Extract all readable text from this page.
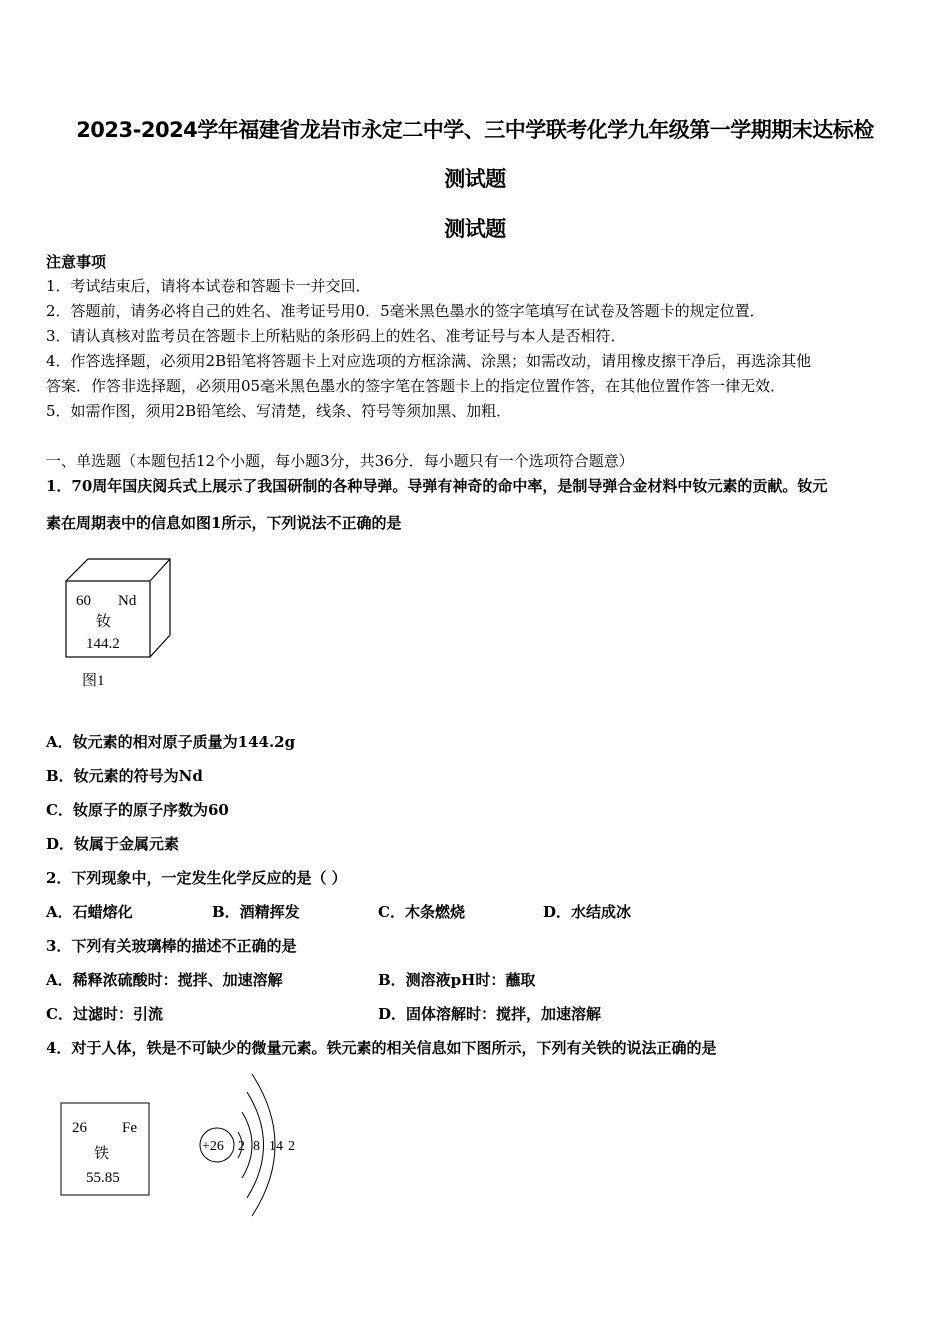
2023-2024学年福建省龙岩市永定二中学、三中学联考化学九年级第一学期期末达标检
测试题
测试题
注意事项
1．考试结束后，请将本试卷和答题卡一并交回．
2．答题前，请务必将自己的姓名、准考证号用0．5毫米黑色墨水的签字笔填写在试卷及答题卡的规定位置．
3．请认真核对监考员在答题卡上所粘贴的条形码上的姓名、准考证号与本人是否相符．
4．作答选择题，必须用2B铅笔将答题卡上对应选项的方框涂满、涂黑；如需改动，请用橡皮擦干净后，再选涂其他
答案．作答非选择题，必须用05毫米黑色墨水的签字笔在答题卡上的指定位置作答，在其他位置作答一律无效．
5．如需作图，须用2B铅笔绘、写清楚，线条、符号等须加黑、加粗．
一、单选题（本题包括12个小题，每小题3分，共36分．每小题只有一个选项符合题意）
1．70周年国庆阅兵式上展示了我国研制的各种导弹。导弹有神奇的命中率，是制导弹合金材料中钕元素的贡献。钕元
素在周期表中的信息如图1所示，下列说法不正确的是
60 Nd
钕
144.2
图1
A．钕元素的相对原子质量为144.2g
B．钕元素的符号为Nd
C．钕原子的原子序数为60
D．钕属于金属元素
2．下列现象中，一定发生化学反应的是（ ）
A．石蜡熔化	B．酒精挥发	C．木条燃烧	D．水结成冰
3．下列有关玻璃棒的描述不正确的是
A．稀释浓硫酸时：搅拌、加速溶解	B．测溶液pH时：蘸取
C．过滤时：引流	D．固体溶解时：搅拌，加速溶解
4．对于人体，铁是不可缺少的微量元素。铁元素的相关信息如下图所示，下列有关铁的说法正确的是
26 Fe
铁
55.85
+26 2 8 14 2
